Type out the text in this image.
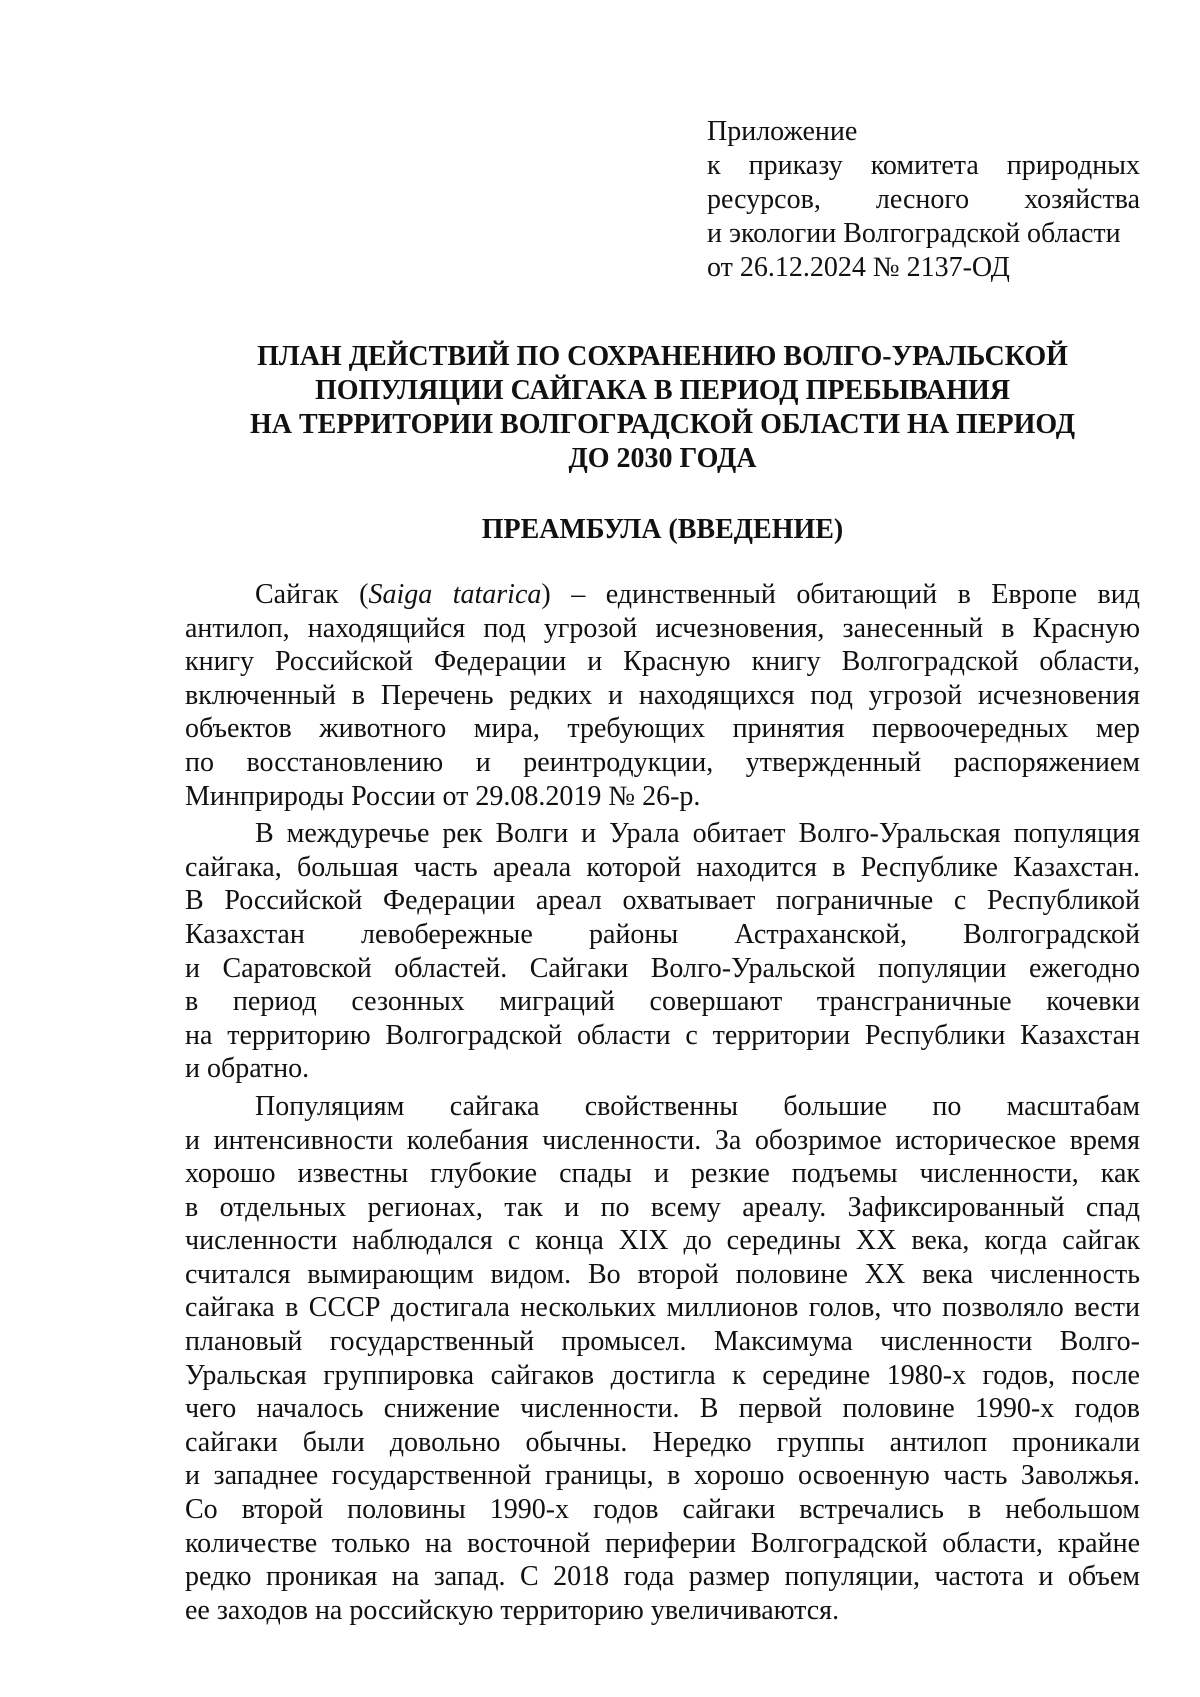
Приложение
к приказу комитета природных
ресурсов, лесного хозяйства
и экологии Волгоградской области
от 26.12.2024 № 2137-ОД
ПЛАН ДЕЙСТВИЙ ПО СОХРАНЕНИЮ ВОЛГО-УРАЛЬСКОЙ
ПОПУЛЯЦИИ САЙГАКА В ПЕРИОД ПРЕБЫВАНИЯ
НА ТЕРРИТОРИИ ВОЛГОГРАДСКОЙ ОБЛАСТИ НА ПЕРИОД
ДО 2030 ГОДА
ПРЕАМБУЛА (ВВЕДЕНИЕ)
Сайгак (Saiga tatarica) – единственный обитающий в Европе вид
антилоп, находящийся под угрозой исчезновения, занесенный в Красную
книгу Российской Федерации и Красную книгу Волгоградской области,
включенный в Перечень редких и находящихся под угрозой исчезновения
объектов животного мира, требующих принятия первоочередных мер
по восстановлению и реинтродукции, утвержденный распоряжением
Минприроды России от 29.08.2019 № 26-р.
В междуречье рек Волги и Урала обитает Волго-Уральская популяция
сайгака, большая часть ареала которой находится в Республике Казахстан.
В Российской Федерации ареал охватывает пограничные с Республикой
Казахстан левобережные районы Астраханской, Волгоградской
и Саратовской областей. Сайгаки Волго-Уральской популяции ежегодно
в период сезонных миграций совершают трансграничные кочевки
на территорию Волгоградской области с территории Республики Казахстан
и обратно.
Популяциям сайгака свойственны большие по масштабам
и интенсивности колебания численности. За обозримое историческое время
хорошо известны глубокие спады и резкие подъемы численности, как
в отдельных регионах, так и по всему ареалу. Зафиксированный спад
численности наблюдался с конца XIX до середины XX века, когда сайгак
считался вымирающим видом. Во второй половине XX века численность
сайгака в СССР достигала нескольких миллионов голов, что позволяло вести
плановый государственный промысел. Максимума численности Волго-
Уральская группировка сайгаков достигла к середине 1980-х годов, после
чего началось снижение численности. В первой половине 1990-х годов
сайгаки были довольно обычны. Нередко группы антилоп проникали
и западнее государственной границы, в хорошо освоенную часть Заволжья.
Со второй половины 1990-х годов сайгаки встречались в небольшом
количестве только на восточной периферии Волгоградской области, крайне
редко проникая на запад. С 2018 года размер популяции, частота и объем
ее заходов на российскую территорию увеличиваются.
